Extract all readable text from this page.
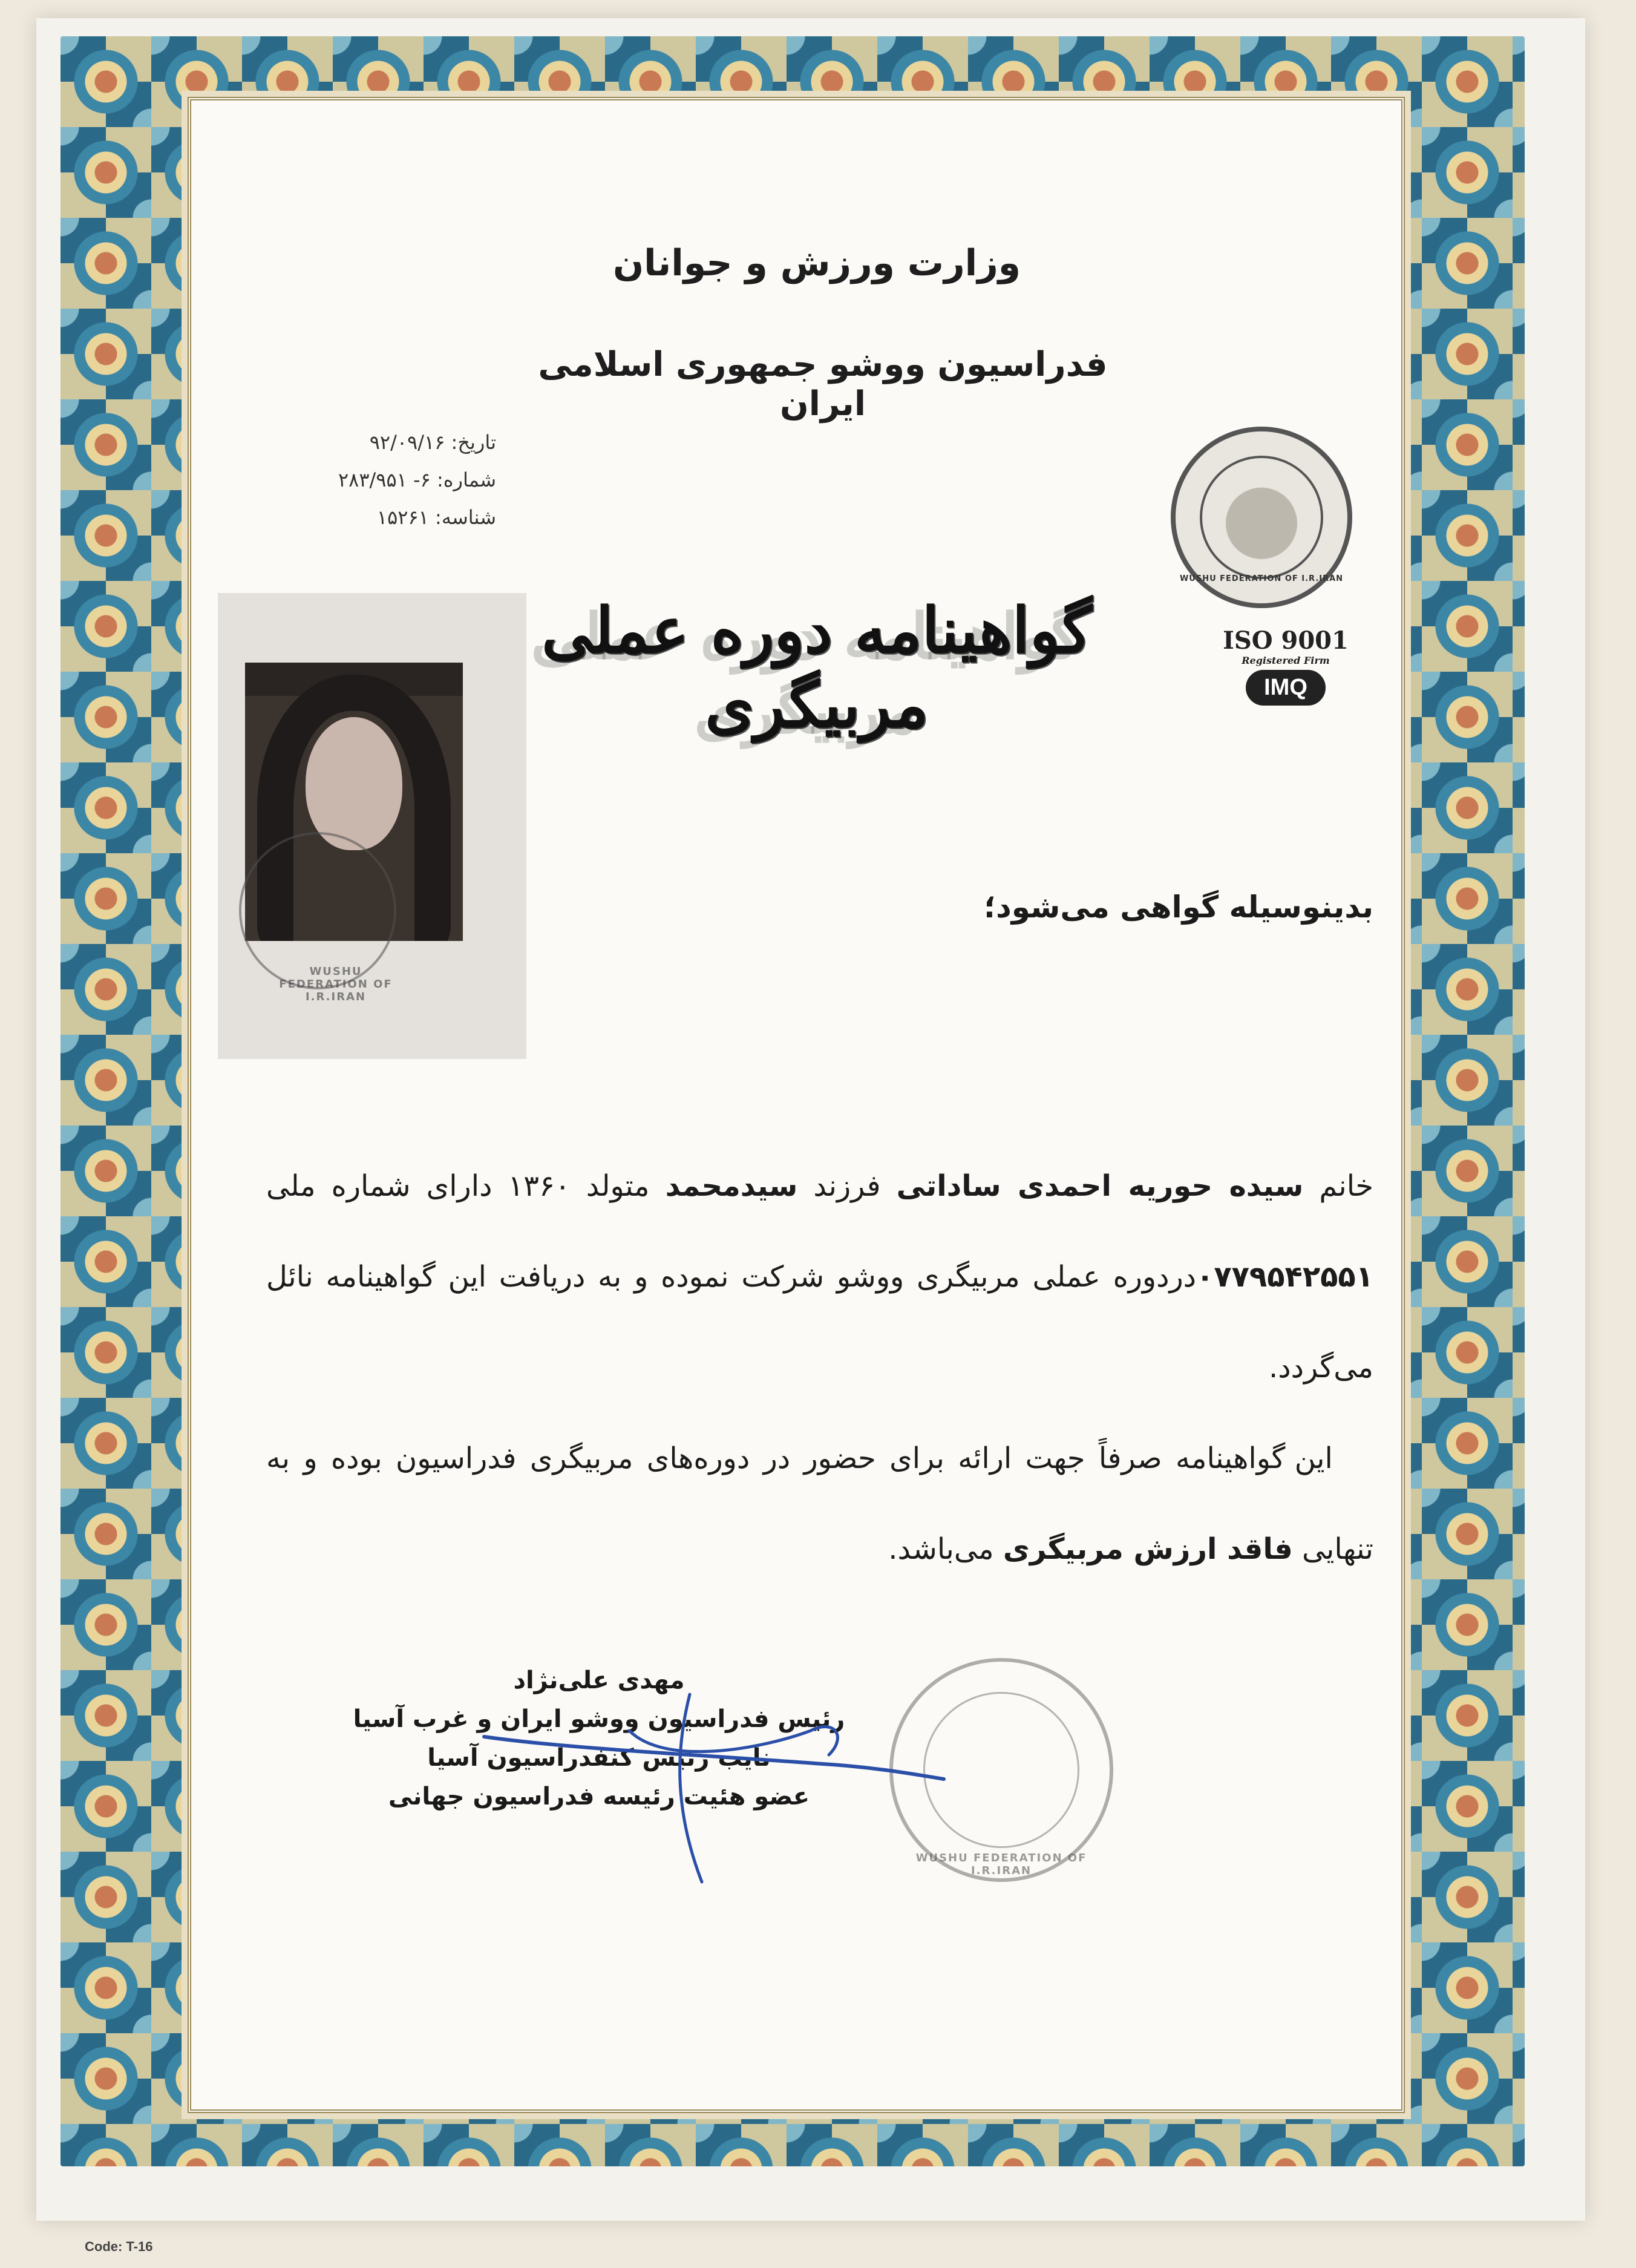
وزارت ورزش و جوانان
فدراسیون ووشو جمهوری اسلامی ایران
تاریخ: ۹۲/۰۹/۱۶
شماره: ۶- ۲۸۳/۹۵۱
شناسه: ۱۵۲۶۱
WUSHU FEDERATION OF I.R.IRAN
ISO 9001
Registered Firm
IMQ
گواهینامه دوره عملی مربیگری
WUSHU FEDERATION OF I.R.IRAN
بدینوسیله گواهی می‌شود؛
خانم سیده حوریه احمدی ساداتی فرزند سیدمحمد متولد ۱۳۶۰ دارای شماره ملی ۰۷۷۹۵۴۲۵۵۱دردوره عملی مربیگری ووشو شرکت نموده و به دریافت این گواهینامه نائل می‌گردد.
این گواهینامه صرفاً جهت ارائه برای حضور در دوره‌های مربیگری فدراسیون بوده و به تنهایی فاقد ارزش مربیگری می‌باشد.
WUSHU FEDERATION OF I.R.IRAN
مهدی علی‌نژاد
رئیس فدراسیون ووشو ایران و غرب آسیا
نایب رئیس کنفدراسیون آسیا
عضو هئیت رئیسه فدراسیون جهانی
Code: T-16
